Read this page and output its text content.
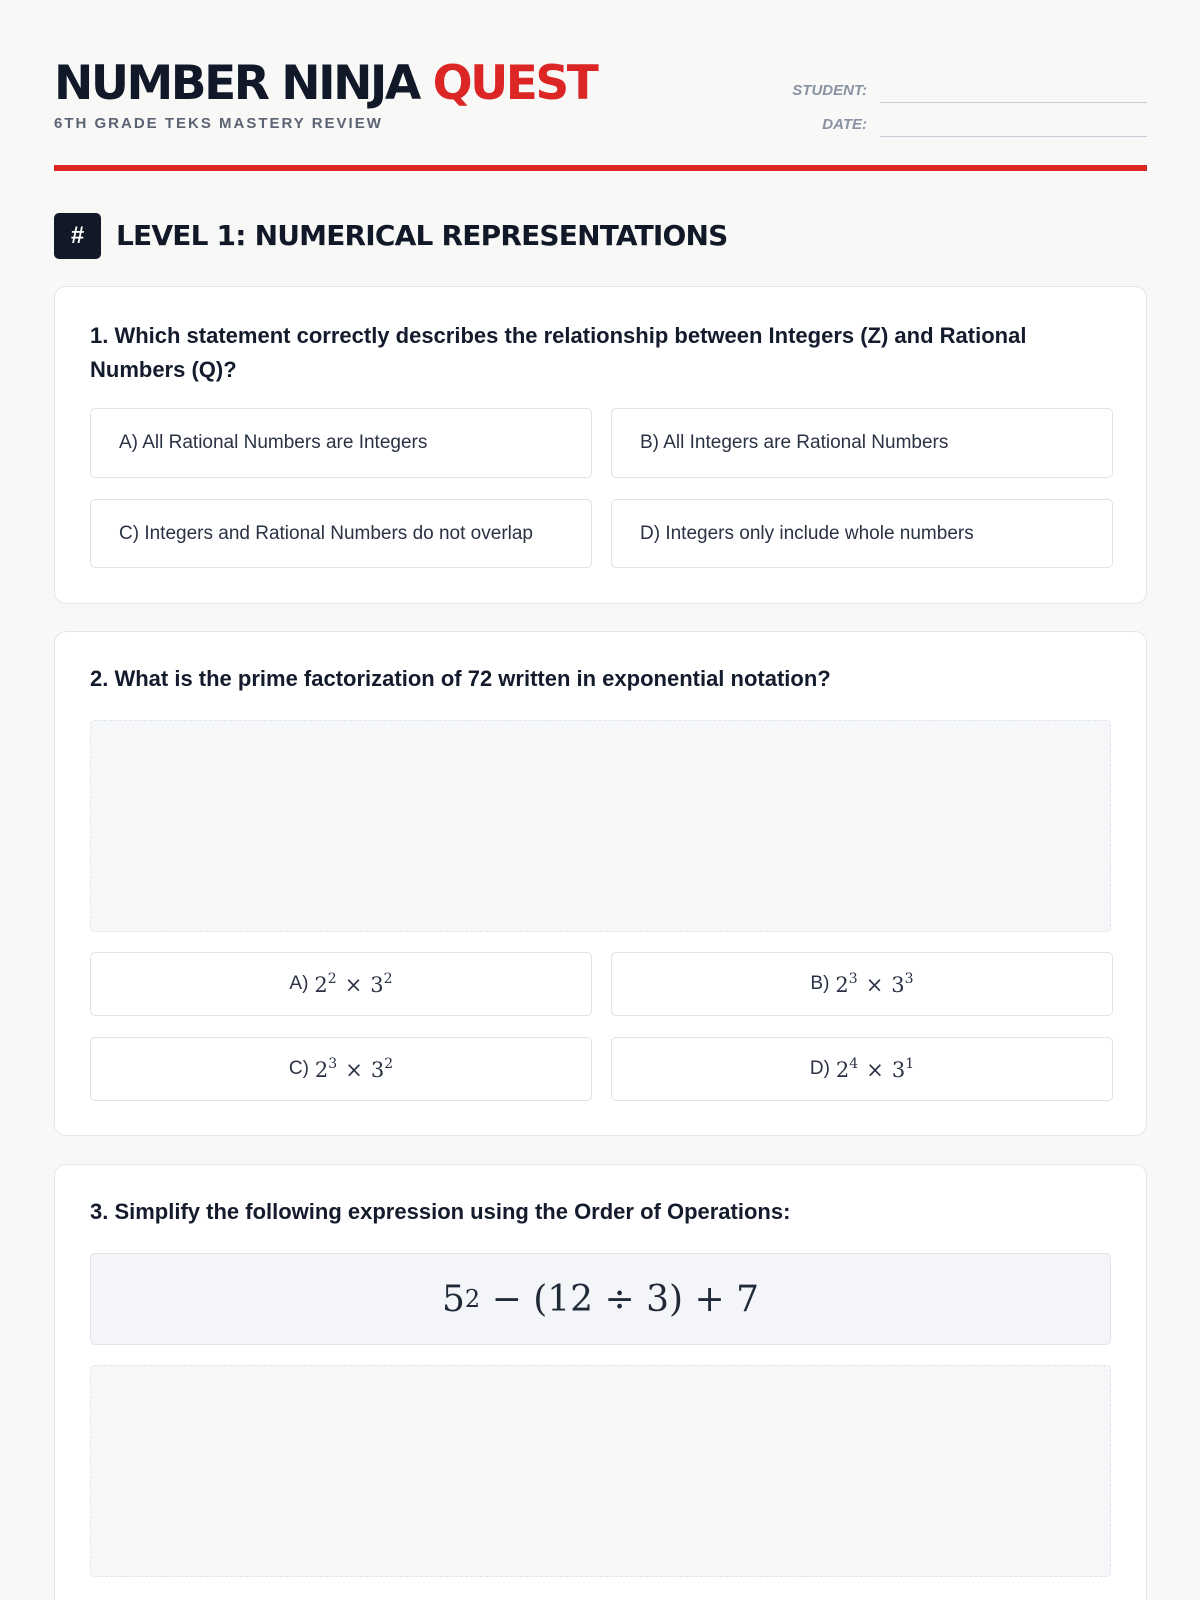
NUMBER NINJA QUEST
6TH GRADE TEKS MASTERY REVIEW
STUDENT:
DATE:
#	LEVEL 1: NUMERICAL REPRESENTATIONS
1. Which statement correctly describes the relationship between Integers (Z) and Rational Numbers (Q)?
A) All Rational Numbers are Integers	B) All Integers are Rational Numbers
C) Integers and Rational Numbers do not overlap	D) Integers only include whole numbers
2. What is the prime factorization of 72 written in exponential notation?
A) $2^2 \times 3^2$	B) $2^3 \times 3^3$
C) $2^3 \times 3^2$	D) $2^4 \times 3^1$
3. Simplify the following expression using the Order of Operations:
5 2 − (12 ÷ 3) + 7
